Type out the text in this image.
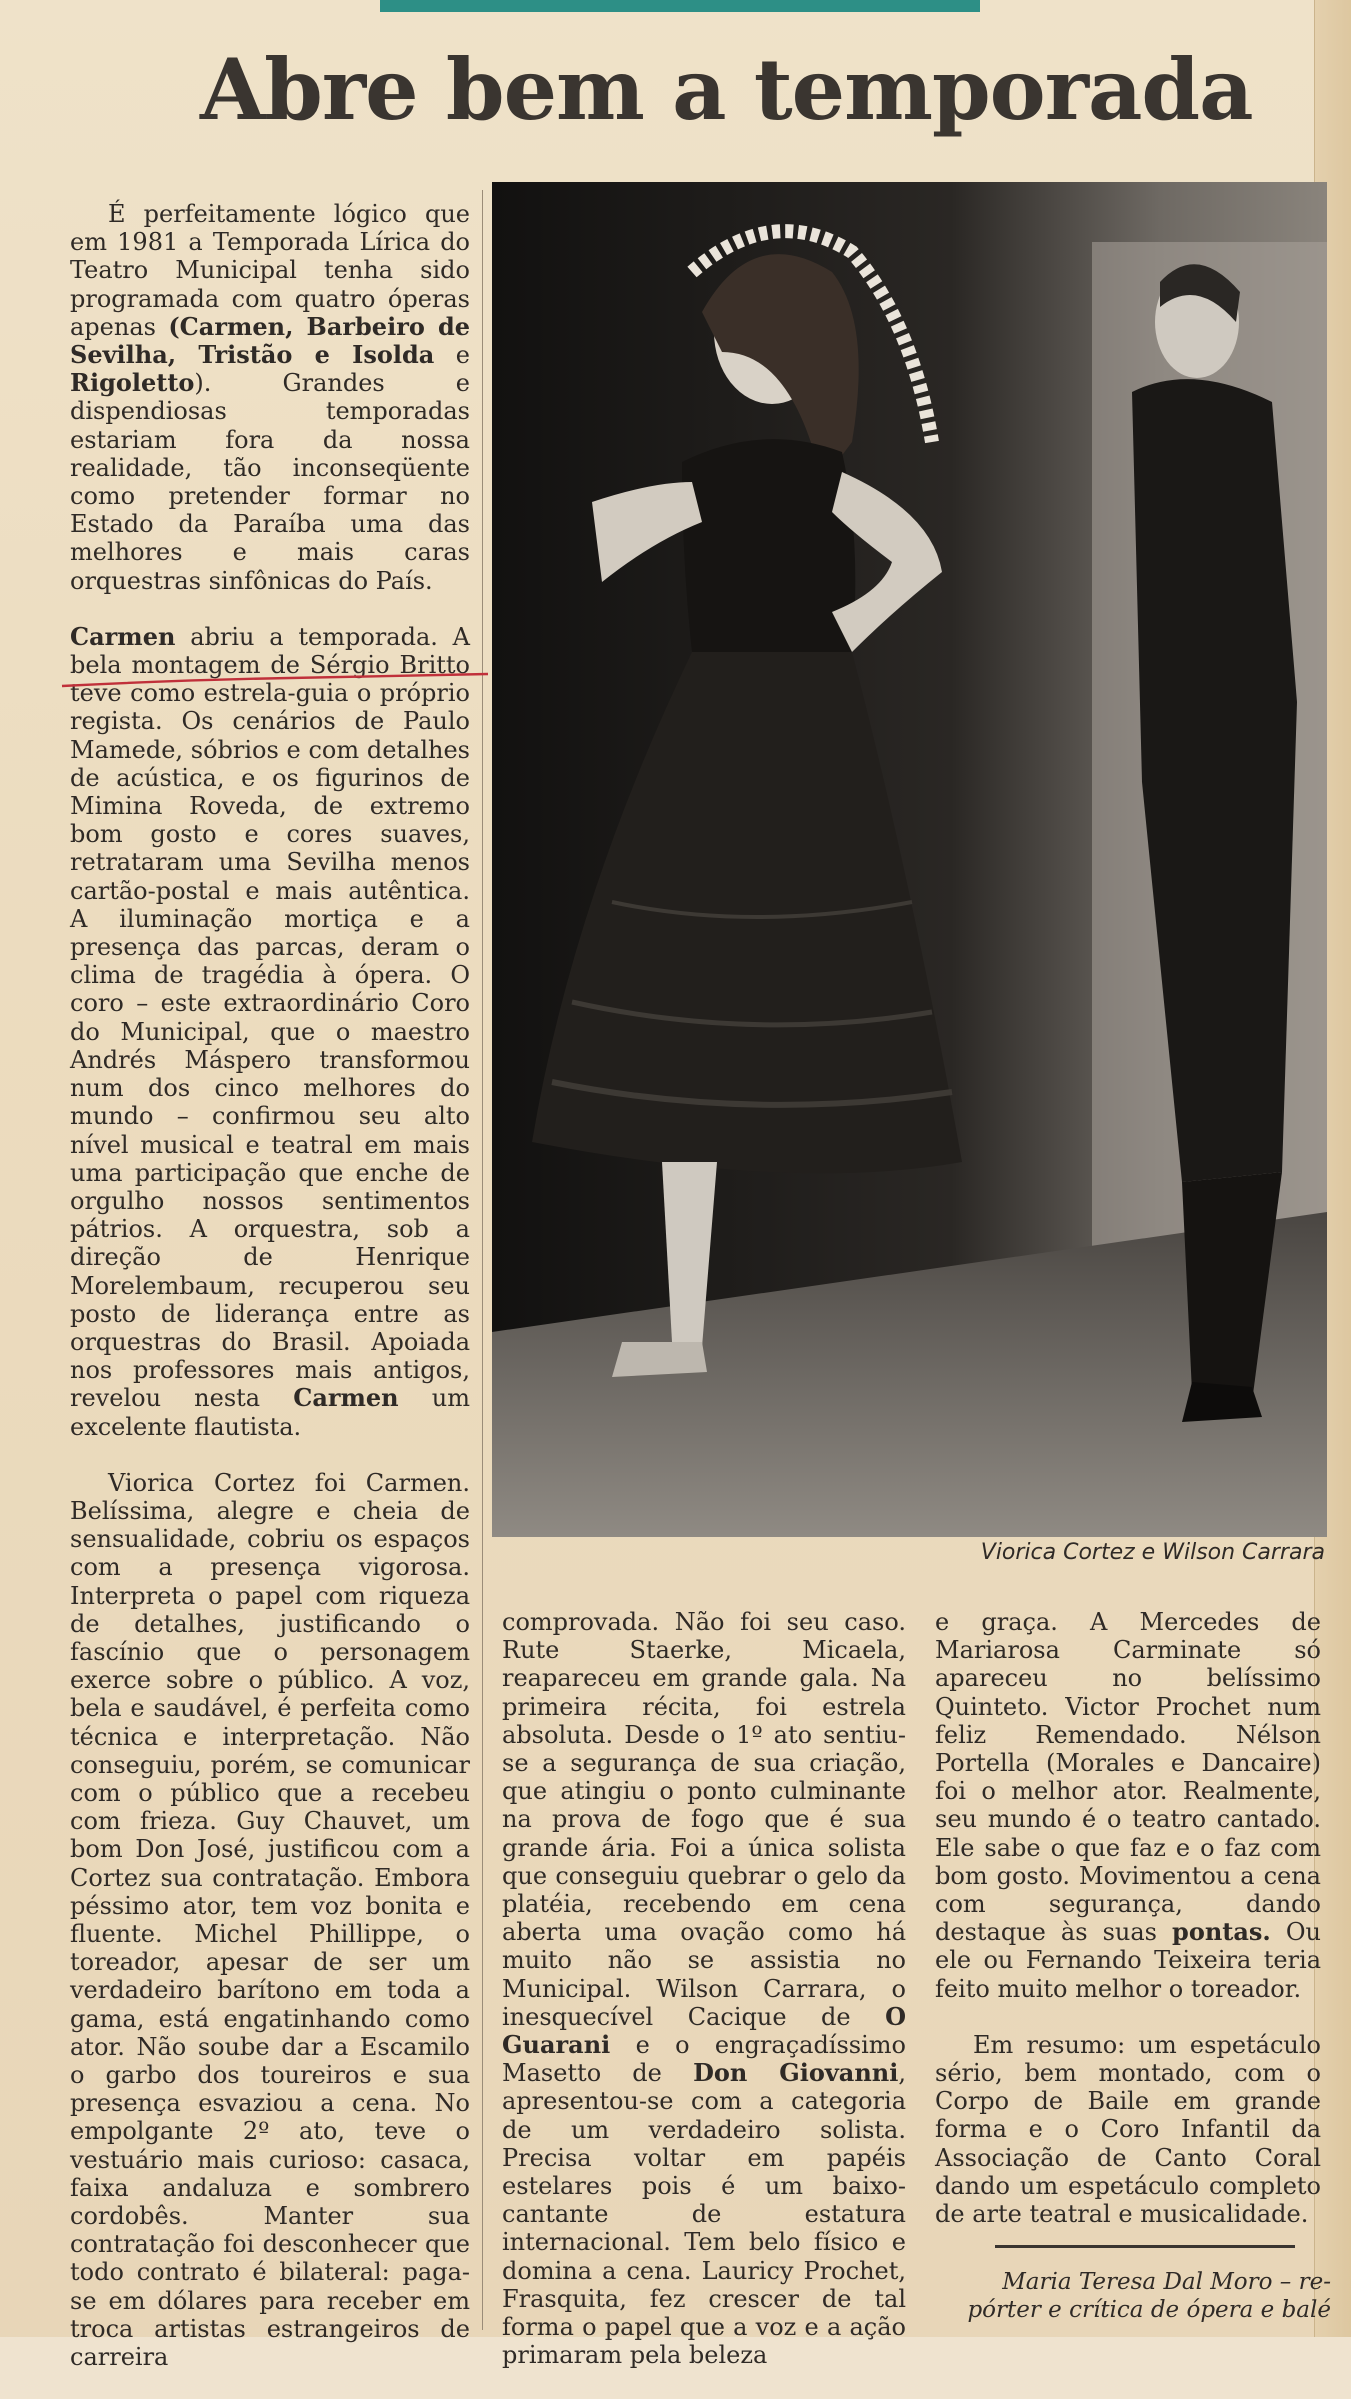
Abre bem a temporada

É perfeitamente lógico que em 1981 a Temporada Lírica do Teatro Municipal tenha sido programada com quatro óperas apenas (Carmen, Barbeiro de Sevilha, Tristão e Isolda e Rigoletto). Grandes e dispendiosas temporadas estariam fora da nossa realidade, tão inconseqüente como pretender formar no Estado da Paraíba uma das melhores e mais caras orquestras sinfônicas do País.

Carmen abriu a temporada. A bela montagem de Sérgio Britto teve como estrela-guia o próprio regista. Os cenários de Paulo Mamede, sóbrios e com detalhes de acústica, e os figurinos de Mimina Roveda, de extremo bom gosto e cores suaves, retrataram uma Sevilha menos cartão-postal e mais autêntica. A iluminação mortiça e a presença das parcas, deram o clima de tragédia à ópera. O coro – este extraordinário Coro do Municipal, que o maestro Andrés Máspero transformou num dos cinco melhores do mundo – confirmou seu alto nível musical e teatral em mais uma participação que enche de orgulho nossos sentimentos pátrios. A orquestra, sob a direção de Henrique Morelembaum, recuperou seu posto de liderança entre as orquestras do Brasil. Apoiada nos professores mais antigos, revelou nesta Carmen um excelente flautista.

Viorica Cortez foi Carmen. Belíssima, alegre e cheia de sensualidade, cobriu os espaços com a presença vigorosa. Interpreta o papel com riqueza de detalhes, justificando o fascínio que o personagem exerce sobre o público. A voz, bela e saudável, é perfeita como técnica e interpretação. Não conseguiu, porém, se comunicar com o público que a recebeu com frieza. Guy Chauvet, um bom Don José, justificou com a Cortez sua contratação. Embora péssimo ator, tem voz bonita e fluente. Michel Phillippe, o toreador, apesar de ser um verdadeiro barítono em toda a gama, está engatinhando como ator. Não soube dar a Escamilo o garbo dos toureiros e sua presença esvaziou a cena. No empolgante 2º ato, teve o vestuário mais curioso: casaca, faixa andaluza e sombrero cordobês. Manter sua contratação foi desconhecer que todo contrato é bilateral: paga-se em dólares para receber em troca artistas estrangeiros de carreira

Viorica Cortez e Wilson Carrara

comprovada. Não foi seu caso. Rute Staerke, Micaela, reapareceu em grande gala. Na primeira récita, foi estrela absoluta. Desde o 1º ato sentiu-se a segurança de sua criação, que atingiu o ponto culminante na prova de fogo que é sua grande ária. Foi a única solista que conseguiu quebrar o gelo da platéia, recebendo em cena aberta uma ovação como há muito não se assistia no Municipal. Wilson Carrara, o inesquecível Cacique de O Guarani e o engraçadíssimo Masetto de Don Giovanni, apresentou-se com a categoria de um verdadeiro solista. Precisa voltar em papéis estelares pois é um baixo-cantante de estatura internacional. Tem belo físico e domina a cena. Lauricy Prochet, Frasquita, fez crescer de tal forma o papel que a voz e a ação primaram pela beleza

e graça. A Mercedes de Mariarosa Carminate só apareceu no belíssimo Quinteto. Victor Prochet num feliz Remendado. Nélson Portella (Morales e Dancaire) foi o melhor ator. Realmente, seu mundo é o teatro cantado. Ele sabe o que faz e o faz com bom gosto. Movimentou a cena com segurança, dando destaque às suas pontas. Ou ele ou Fernando Teixeira teria feito muito melhor o toreador.

Em resumo: um espetáculo sério, bem montado, com o Corpo de Baile em grande forma e o Coro Infantil da Associação de Canto Coral dando um espetáculo completo de arte teatral e musicalidade.

Maria Teresa Dal Moro – re-
pórter e crítica de ópera e balé
